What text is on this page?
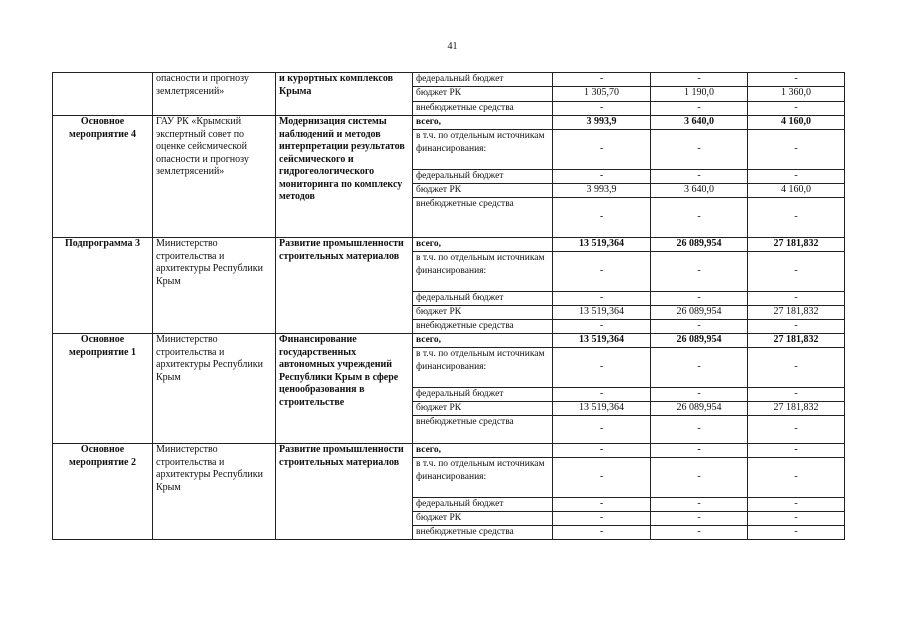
41
	опасности и прогнозу землетрясений»	и курортных комплексов Крыма	федеральный бюджет	-	-	-
			бюджет РК	1 305,70	1 190,0	1 360,0
			внебюджетные средства	-	-	-
Основное мероприятие 4	ГАУ РК «Крымский экспертный совет по оценке сейсмической опасности и прогнозу землетрясений»	Модернизация системы наблюдений и методов интерпретации результатов сейсмического и гидрогеологического мониторинга по комплексу методов	всего,	3 993,9	3 640,0	4 160,0
			в т.ч. по отдельным источникам финансирования:	-	-	-
			федеральный бюджет	-	-	-
			бюджет РК	3 993,9	3 640,0	4 160,0
			внебюджетные средства	-	-	-
Подпрограмма 3	Министерство строительства и архитектуры Республики Крым	Развитие промышленности строительных материалов	всего,	13 519,364	26 089,954	27 181,832
			в т.ч. по отдельным источникам финансирования:	-	-	-
			федеральный бюджет	-	-	-
			бюджет РК	13 519,364	26 089,954	27 181,832
			внебюджетные средства	-	-	-
Основное мероприятие 1	Министерство строительства и архитектуры Республики Крым	Финансирование государственных автономных учреждений Республики Крым в сфере ценообразования в строительстве	всего,	13 519,364	26 089,954	27 181,832
			в т.ч. по отдельным источникам финансирования:	-	-	-
			федеральный бюджет	-	-	-
			бюджет РК	13 519,364	26 089,954	27 181,832
			внебюджетные средства	-	-	-
Основное мероприятие 2	Министерство строительства и архитектуры Республики Крым	Развитие промышленности строительных материалов	всего,	-	-	-
			в т.ч. по отдельным источникам финансирования:	-	-	-
			федеральный бюджет	-	-	-
			бюджет РК	-	-	-
			внебюджетные средства	-	-	-
